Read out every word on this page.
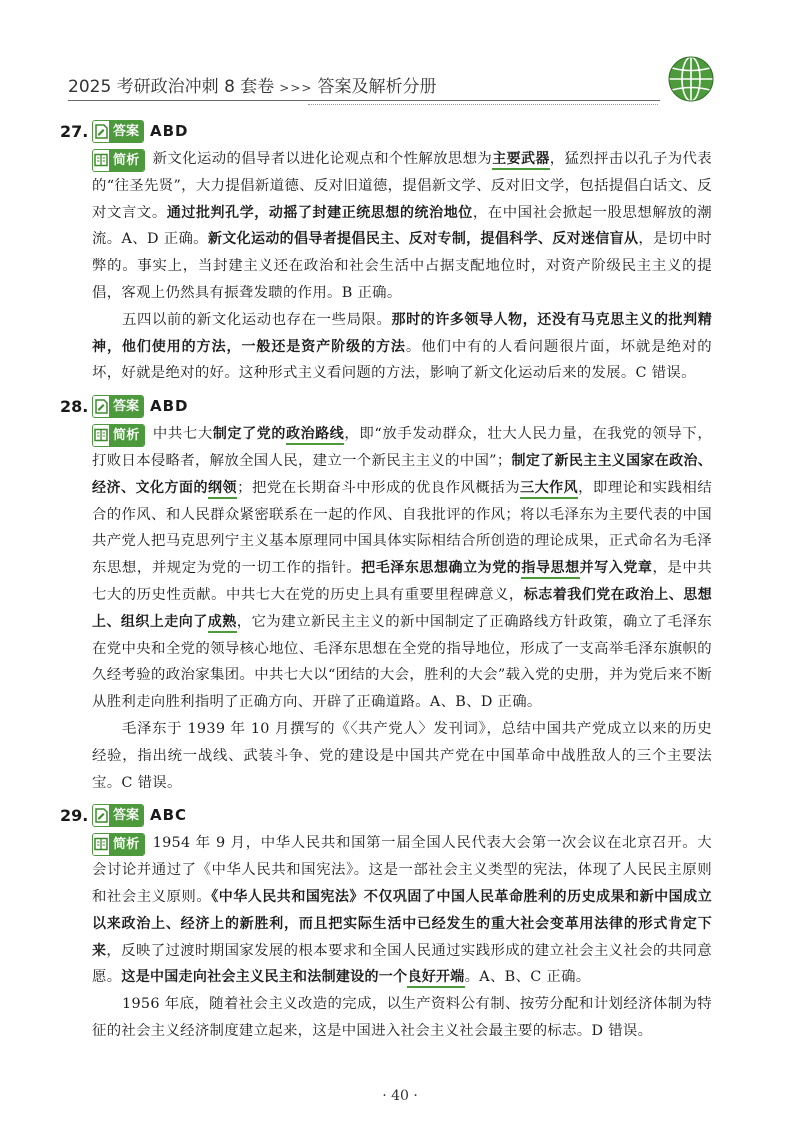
2025 考研政治冲刺 8 套卷 >>> 答案及解析分册
27.	答案 ABD

简析 新文化运动的倡导者以进化论观点和个性解放思想为主要武器，猛烈抨击以孔子为代表的“往圣先贤”，大力提倡新道德、反对旧道德，提倡新文学、反对旧文学，包括提倡白话文、反对文言文。通过批判孔学，动摇了封建正统思想的统治地位，在中国社会掀起一股思想解放的潮流。A、D 正确。新文化运动的倡导者提倡民主、反对专制，提倡科学、反对迷信盲从，是切中时弊的。事实上，当封建主义还在政治和社会生活中占据支配地位时，对资产阶级民主主义的提倡，客观上仍然具有振聋发聩的作用。B 正确。

五四以前的新文化运动也存在一些局限。那时的许多领导人物，还没有马克思主义的批判精神，他们使用的方法，一般还是资产阶级的方法。他们中有的人看问题很片面，坏就是绝对的坏，好就是绝对的好。这种形式主义看问题的方法，影响了新文化运动后来的发展。C 错误。

28.	答案 ABD

简析 中共七大制定了党的政治路线，即“放手发动群众，壮大人民力量，在我党的领导下，打败日本侵略者，解放全国人民，建立一个新民主主义的中国”；制定了新民主主义国家在政治、经济、文化方面的纲领；把党在长期奋斗中形成的优良作风概括为三大作风，即理论和实践相结合的作风、和人民群众紧密联系在一起的作风、自我批评的作风；将以毛泽东为主要代表的中国共产党人把马克思列宁主义基本原理同中国具体实际相结合所创造的理论成果，正式命名为毛泽东思想，并规定为党的一切工作的指针。把毛泽东思想确立为党的指导思想并写入党章，是中共七大的历史性贡献。中共七大在党的历史上具有重要里程碑意义，标志着我们党在政治上、思想上、组织上走向了成熟，它为建立新民主主义的新中国制定了正确路线方针政策，确立了毛泽东在党中央和全党的领导核心地位、毛泽东思想在全党的指导地位，形成了一支高举毛泽东旗帜的久经考验的政治家集团。中共七大以“团结的大会，胜利的大会”载入党的史册，并为党后来不断从胜利走向胜利指明了正确方向、开辟了正确道路。A、B、D 正确。

毛泽东于 1939 年 10 月撰写的《〈共产党人〉发刊词》，总结中国共产党成立以来的历史经验，指出统一战线、武装斗争、党的建设是中国共产党在中国革命中战胜敌人的三个主要法宝。C 错误。

29.	答案 ABC

简析 1954 年 9 月，中华人民共和国第一届全国人民代表大会第一次会议在北京召开。大会讨论并通过了《中华人民共和国宪法》。这是一部社会主义类型的宪法，体现了人民民主原则和社会主义原则。《中华人民共和国宪法》不仅巩固了中国人民革命胜利的历史成果和新中国成立以来政治上、经济上的新胜利，而且把实际生活中已经发生的重大社会变革用法律的形式肯定下来，反映了过渡时期国家发展的根本要求和全国人民通过实践形成的建立社会主义社会的共同意愿。这是中国走向社会主义民主和法制建设的一个良好开端。A、B、C 正确。

1956 年底，随着社会主义改造的完成，以生产资料公有制、按劳分配和计划经济体制为特征的社会主义经济制度建立起来，这是中国进入社会主义社会最主要的标志。D 错误。

· 40 ·
